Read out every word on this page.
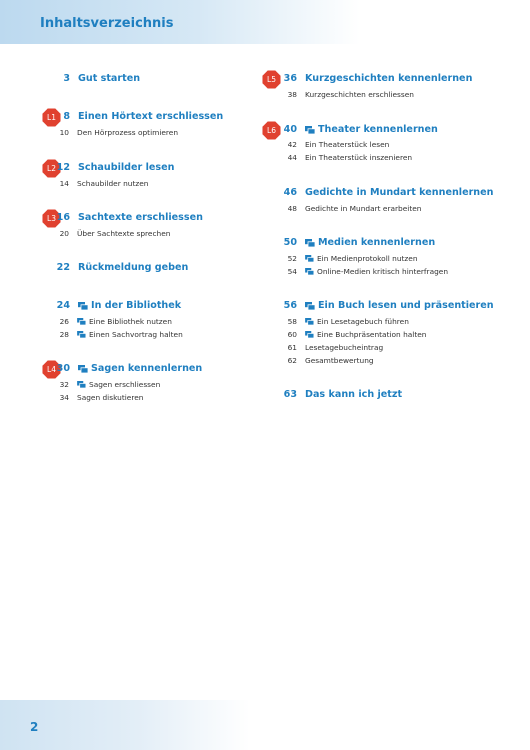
Inhaltsverzeichnis
3 Gut starten
L1 8 Einen Hörtext erschliessen
10 Den Hörprozess optimieren
L2 12 Schaubilder lesen
14 Schaubilder nutzen
L3 16 Sachtexte erschliessen
20 Über Sachtexte sprechen
22 Rückmeldung geben
24 In der Bibliothek
26	Eine Bibliothek nutzen
28	Einen Sachvortrag halten
L4 30 Sagen kennenlernen
32	Sagen erschliessen
34 Sagen diskutieren
L5 36 Kurzgeschichten kennenlernen
38 Kurzgeschichten erschliessen
L6 40 Theater kennenlernen
42 Ein Theaterstück lesen
44 Ein Theaterstück inszenieren
46 Gedichte in Mundart kennenlernen
48 Gedichte in Mundart erarbeiten
50 Medien kennenlernen
52	Ein Medienprotokoll nutzen
54	Online-Medien kritisch hinterfragen
56 Ein Buch lesen und präsentieren
58	Ein Lesetagebuch führen
60	Eine Buchpräsentation halten
61 Lesetagebucheintrag
62 Gesamtbewertung
63 Das kann ich jetzt
2
